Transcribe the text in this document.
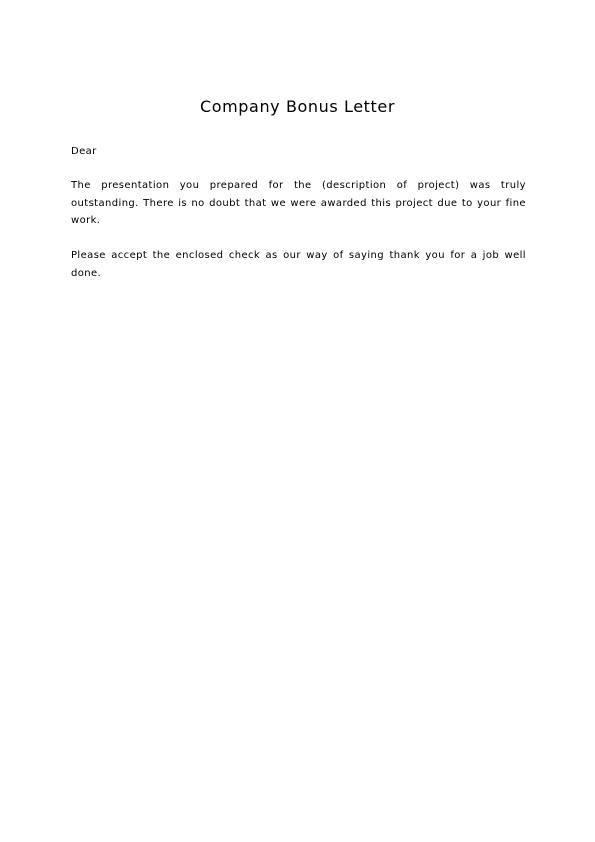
Company Bonus Letter

Dear

The presentation you prepared for the (description of project) was truly outstanding. There is no doubt that we were awarded this project due to your fine work.

Please accept the enclosed check as our way of saying thank you for a job well done.
